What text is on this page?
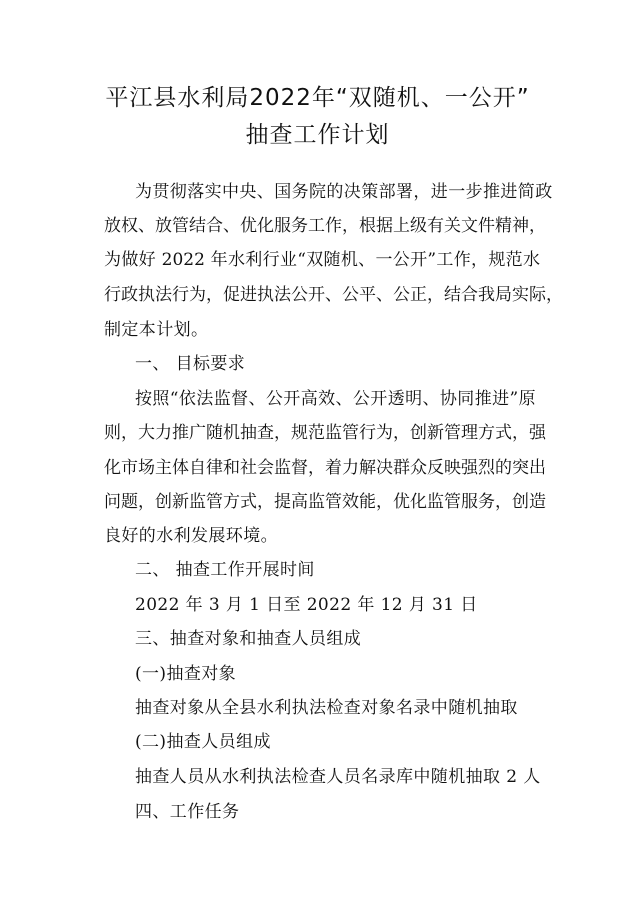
平江县水利局2022年“双随机、一公开”
抽查工作计划
为贯彻落实中央、国务院的决策部署，进一步推进简政
放权、放管结合、优化服务工作，根据上级有关文件精神，
为做好 2022 年水利行业“双随机、一公开”工作，规范水
行政执法行为，促进执法公开、公平、公正，结合我局实际，
制定本计划。
一、 目标要求
按照“依法监督、公开高效、公开透明、协同推进”原
则，大力推广随机抽查，规范监管行为，创新管理方式，强
化市场主体自律和社会监督，着力解决群众反映强烈的突出
问题，创新监管方式，提高监管效能，优化监管服务，创造
良好的水利发展环境。
二、 抽查工作开展时间
2022 年 3 月 1 日至 2022 年 12 月 31 日
三、抽查对象和抽查人员组成
(一)抽查对象
抽查对象从全县水利执法检查对象名录中随机抽取
(二)抽查人员组成
抽查人员从水利执法检查人员名录库中随机抽取 2 人
四、工作任务
